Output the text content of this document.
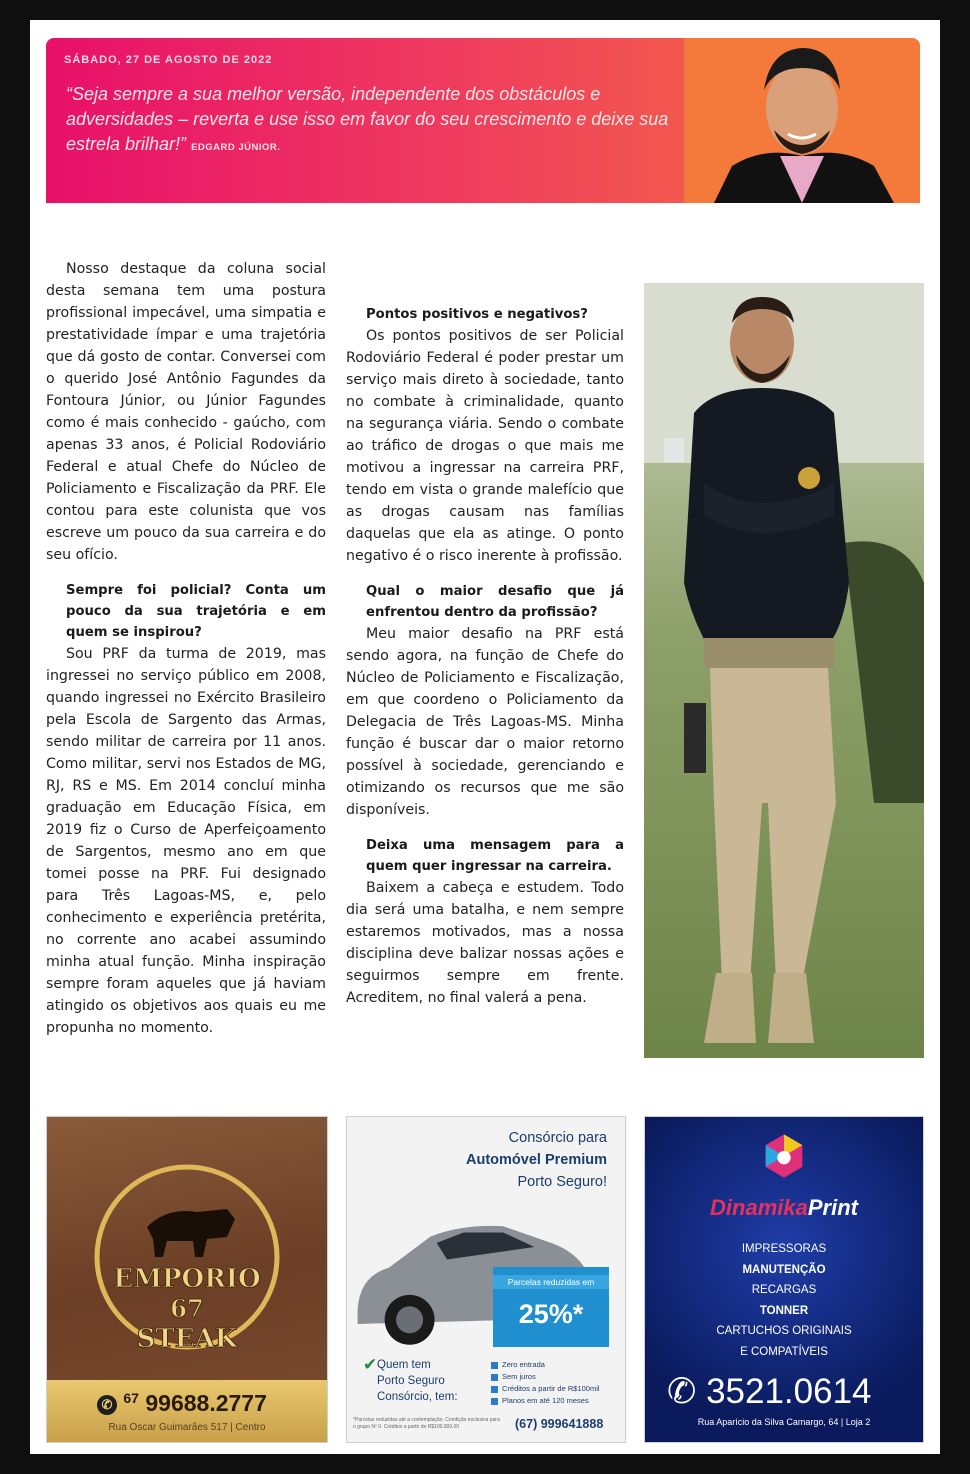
SÁBADO, 27 DE AGOSTO DE 2022
“Seja sempre a sua melhor versão, independente dos obstáculos e adversidades – reverta e use isso em favor do seu crescimento e deixe sua estrela brilhar!” EDGARD JÚNIOR.

Nosso destaque da coluna social desta semana tem uma postura profissional impecável, uma simpatia e prestatividade ímpar e uma trajetória que dá gosto de contar. Conversei com o querido José Antônio Fagundes da Fontoura Júnior, ou Júnior Fagundes como é mais conhecido - gaúcho, com apenas 33 anos, é Policial Rodoviário Federal e atual Chefe do Núcleo de Policiamento e Fiscalização da PRF. Ele contou para este colunista que vos escreve um pouco da sua carreira e do seu ofício.

Sempre foi policial? Conta um pouco da sua trajetória e em quem se inspirou?

Sou PRF da turma de 2019, mas ingressei no serviço público em 2008, quando ingressei no Exército Brasileiro pela Escola de Sargento das Armas, sendo militar de carreira por 11 anos. Como militar, servi nos Estados de MG, RJ, RS e MS. Em 2014 concluí minha graduação em Educação Física, em 2019 fiz o Curso de Aperfeiçoamento de Sargentos, mesmo ano em que tomei posse na PRF. Fui designado para Três Lagoas-MS, e, pelo conhecimento e experiência pretérita, no corrente ano acabei assumindo minha atual função. Minha inspiração sempre foram aqueles que já haviam atingido os objetivos aos quais eu me propunha no momento.

Pontos positivos e negativos?

Os pontos positivos de ser Policial Rodoviário Federal é poder prestar um serviço mais direto à sociedade, tanto no combate à criminalidade, quanto na segurança viária. Sendo o combate ao tráfico de drogas o que mais me motivou a ingressar na carreira PRF, tendo em vista o grande malefício que as drogas causam nas famílias daquelas que ela as atinge. O ponto negativo é o risco inerente à profissão.

Qual o maior desafio que já enfrentou dentro da profissão?

Meu maior desafio na PRF está sendo agora, na função de Chefe do Núcleo de Policiamento e Fiscalização, em que coordeno o Policiamento da Delegacia de Três Lagoas-MS. Minha função é buscar dar o maior retorno possível à sociedade, gerenciando e otimizando os recursos que me são disponíveis.

Deixa uma mensagem para a quem quer ingressar na carreira.

Baixem a cabeça e estudem. Todo dia será uma batalha, e nem sempre estaremos motivados, mas a nossa disciplina deve balizar nossas ações e seguirmos sempre em frente. Acreditem, no final valerá a pena.

EMPORIO
67
STEAK
✆ $^{67}$ 99688.2777
Rua Oscar Guimarães 517 | Centro
Consórcio para
Automóvel Premium
Porto Seguro!
Parcelas reduzidas em
25%*
✔ Quem tem
Porto Seguro
Consórcio, tem:
Zero entrada
Sem juros
Créditos a partir de R$100mil
Planos em até 120 meses
*Parcelas reduzidas até a contemplação. Condição exclusiva para o grupo Nº 0. Créditos a partir de R$100.000,00	(67) 999641888
DinamikaPrint
IMPRESSORAS
MANUTENÇÃO
RECARGAS
TONNER
CARTUCHOS ORIGINAIS
E COMPATÍVEIS
✆ 3521.0614
Rua Aparício da Silva Camargo, 64 | Loja 2
